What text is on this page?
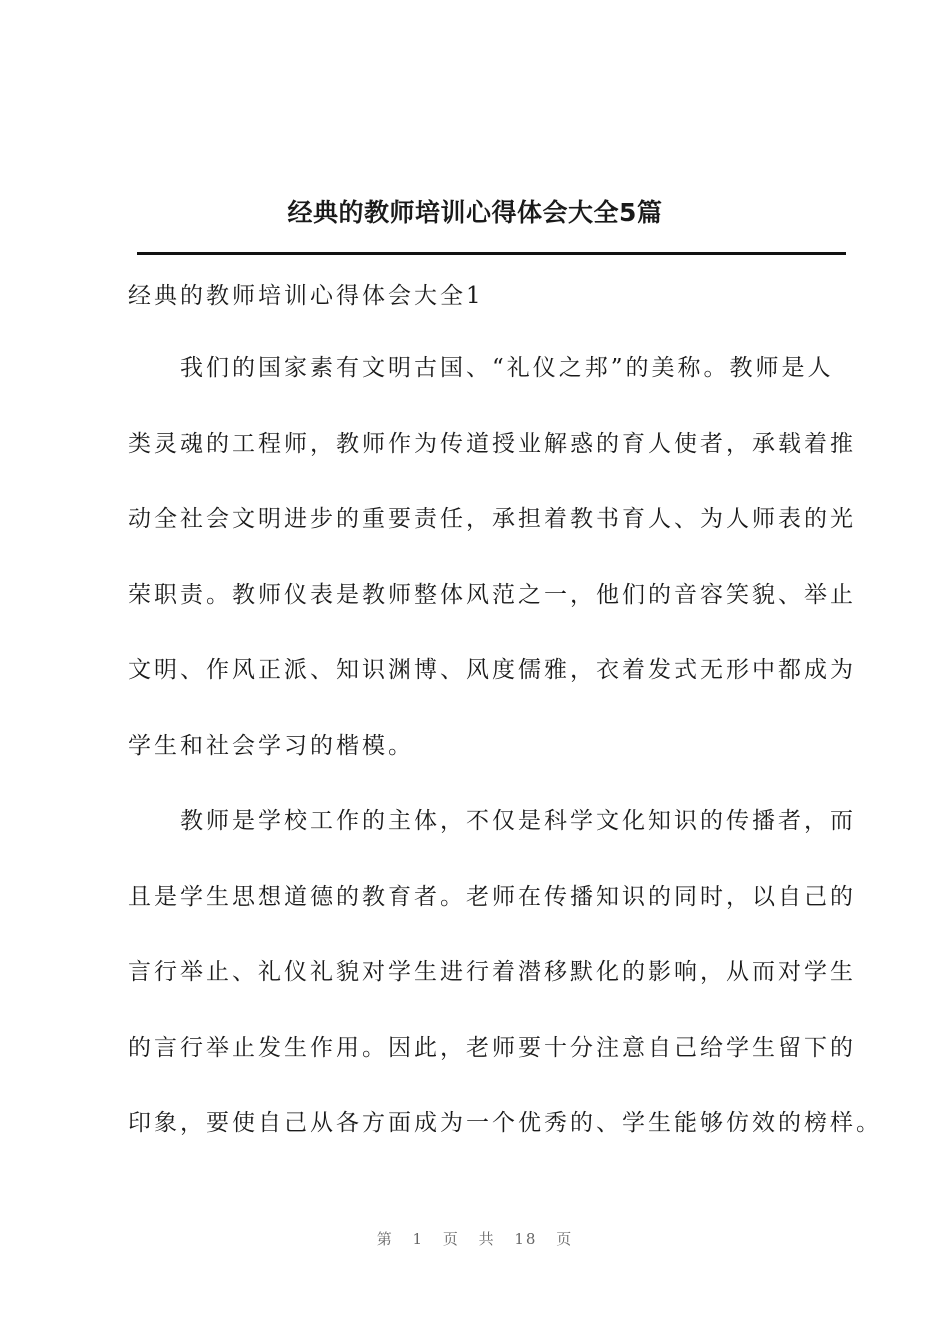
经典的教师培训心得体会大全5篇
经典的教师培训心得体会大全1
我们的国家素有文明古国、“礼仪之邦”的美称。教师是人
类灵魂的工程师，教师作为传道授业解惑的育人使者，承载着推
动全社会文明进步的重要责任，承担着教书育人、为人师表的光
荣职责。教师仪表是教师整体风范之一，他们的音容笑貌、举止
文明、作风正派、知识渊博、风度儒雅，衣着发式无形中都成为
学生和社会学习的楷模。
教师是学校工作的主体，不仅是科学文化知识的传播者，而
且是学生思想道德的教育者。老师在传播知识的同时，以自己的
言行举止、礼仪礼貌对学生进行着潜移默化的影响，从而对学生
的言行举止发生作用。因此，老师要十分注意自己给学生留下的
印象，要使自己从各方面成为一个优秀的、学生能够仿效的榜样。
第 1 页 共 18 页
